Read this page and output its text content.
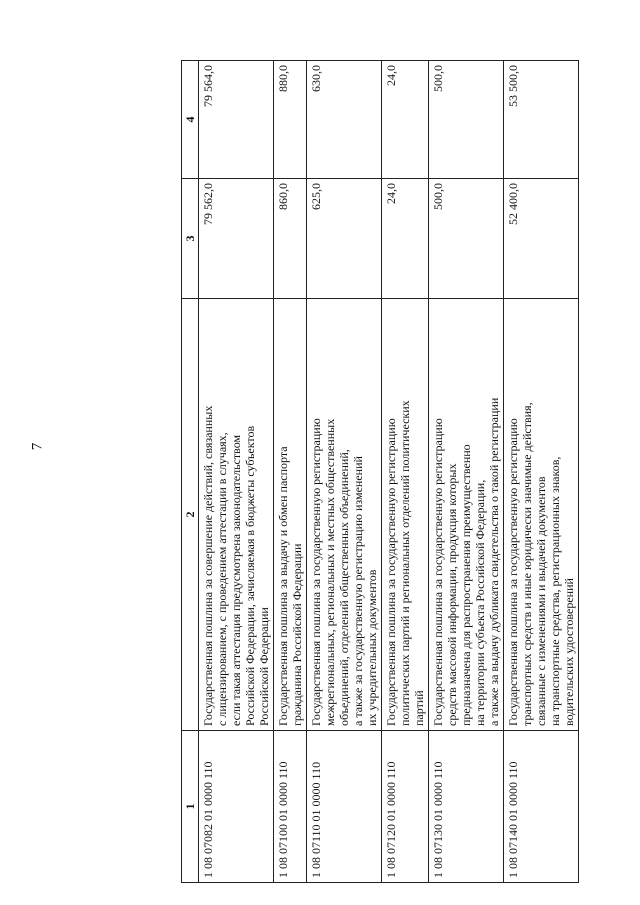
7
1	2	3	4
1 08 07082 01 0000 110	Государственная пошлина за совершение действий, связанных с лицензированием, с проведением аттестации в случаях, если такая аттестация предусмотрена законодательством Российской Федерации, зачисляемая в бюджеты субъектов Российской Федерации	79 562,0	79 564,0
1 08 07100 01 0000 110	Государственная пошлина за выдачу и обмен паспорта гражданина Российской Федерации	860,0	880,0
1 08 07110 01 0000 110	Государственная пошлина за государственную регистрацию межрегиональных, региональных и местных общественных объединений, отделений общественных объединений, а также за государственную регистрацию изменений их учредительных документов	625,0	630,0
1 08 07120 01 0000 110	Государственная пошлина за государственную регистрацию политических партий и региональных отделений политических партий	24,0	24,0
1 08 07130 01 0000 110	Государственная пошлина за государственную регистрацию средств массовой информации, продукция которых предназначена для распространения преимущественно на территории субъекта Российской Федерации, а также за выдачу дубликата свидетельства о такой регистрации	500,0	500,0
1 08 07140 01 0000 110	Государственная пошлина за государственную регистрацию транспортных средств и иные юридически значимые действия, связанные с изменениями и выдачей документов на транспортные средства, регистрационных знаков, водительских удостоверений	52 400,0	53 500,0
